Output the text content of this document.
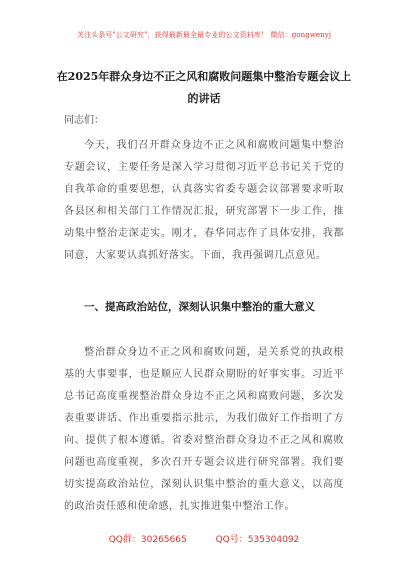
关注头条号"公文研究"，获得最新最全最专业的公文资料库！ 微信：gongwenyj
在2025年群众身边不正之风和腐败问题集中整治专题会议上的讲话
同志们：
今天，我们召开群众身边不正之风和腐败问题集中整治专题会议，主要任务是深入学习贯彻习近平总书记关于党的自我革命的重要思想，认真落实省委专题会议部署要求听取各县区和相关部门工作情况汇报，研究部署下一步工作，推动集中整治走深走实。刚才，春华同志作了具体安排，我都同意，大家要认真抓好落实。下面，我再强调几点意见。
一、提高政治站位，深刻认识集中整治的重大意义
整治群众身边不正之风和腐败问题，是关系党的执政根基的大事要事，也是顺应人民群众期盼的好事实事。习近平总书记高度重视整治群众身边不正之风和腐败问题，多次发表重要讲话、作出重要指示批示，为我们做好工作指明了方向、提供了根本遵循。省委对整治群众身边不正之风和腐败问题也高度重视，多次召开专题会议进行研究部署。我们要切实提高政治站位，深刻认识集中整治的重大意义，以高度的政治责任感和使命感，扎实推进集中整治工作。
QQ群：30265665	QQ号：535304092
